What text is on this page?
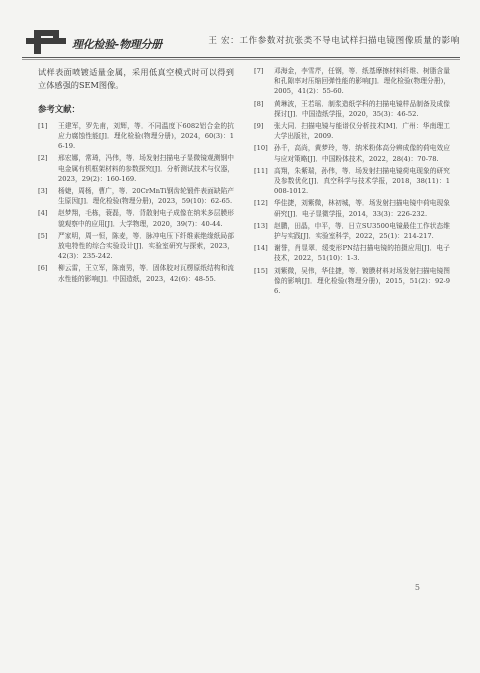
理化检验-物理分册	王 宏：工作参数对抗张类不导电试样扫描电镜图像质量的影响

试样表面喷镀适量金属，采用低真空模式时可以得到立体感强的SEM图像。

参考文献：
[1]	王建军，罗先甫，刘辉，等．不同温度下6082铝合金的抗应力腐蚀性能[J]．理化检验(物理分册)，2024，60(3)：16-19.
[2]	邢宏娜，常琦，冯伟，等．场发射扫描电子显微镜观测钢中电金属有机框架材料的参数探究[J]．分析测试技术与仪器，2023，29(2)：160-169.
[3]	杨婕，周杨，曹广，等．20CrMnTi钢齿轮锻件表面缺陷产生原因[J]．理化检验(物理分册)，2023，59(10)：62-65.
[4]	赵梦翔，毛栋，蓑磊，等．背散射电子成像在纳米多层膜形貌观察中的应用[J]．大学物理，2020，39(7)：40-44.
[5]	严家明，周一恒，陈麦，等．脉冲电压下纤维素绝缘纸局部放电特性的综合实验设计[J]．实验室研究与探索，2023，42(3)：235-242.
[6]	柳云雷，王立军，陈南男，等．固体胶对瓦楞原纸结构和流水性能的影响[J]．中国造纸，2023，42(6)：48-55.
[7]	邓海金，李雪芹，任钢，等．纸基摩擦材料纤维、树脂含量和孔隙率对压缩回弹性能的影响[J]．理化检验(物理分册)，2005，41(2)：55-60.
[8]	黄琳波，王若瑶．制浆造纸学科的扫描电镜样品制备及成像探讨[J]．中国造纸学报，2020，35(3)：46-52.
[9]	张大同．扫描电镜与能谱仪分析技术[M]．广州：华南理工大学出版社，2009.
[10] 孙千，高尚，黄梦玲，等．纳米粉体高分辨成像的荷电效应与应对策略[J]．中国粉体技术，2022，28(4)：70-78.
[11] 高翔，朱紫瑞，孙伟，等．场发射扫描电镜荷电现象的研究及参数优化[J]．真空科学与技术学报，2018，38(11)：1008-1012.
[12] 华佳捷，刘紫微，林初城，等．场发射扫描电镜中荷电现象研究[J]．电子显微学报，2014，33(3)：226-232.
[13] 赵鹏，田晶，申平，等．日立SU3500电镜最佳工作状态维护与实践[J]．实验室科学，2022，25(1)：214-217.
[14] 谢誉，肖显翠．缓变形PN结扫描电镜的拍摄应用[J]．电子技术，2022，51(10)：1-3.
[15] 刘紫微，吴伟，华佳捷，等．镀膜材料对场发射扫描电镜图像的影响[J]．理化检验(物理分册)，2015，51(2)：92-96.
5
